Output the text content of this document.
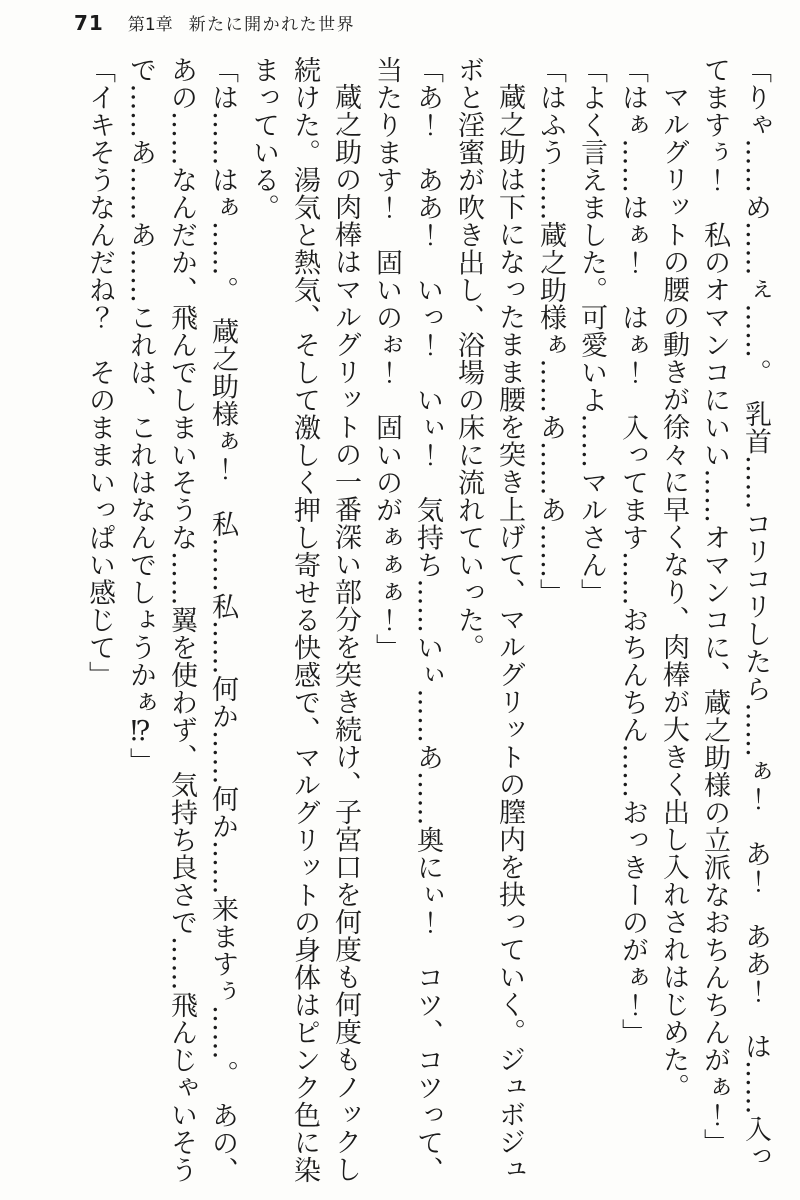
71 第1章 新たに開かれた世界

「りゃ……め……ぇ……。　乳首……コリコリしたら……ぁ！　あ！　ああ！　は……入ってますぅ！　私のオマンコにいい……オマンコに、蔵之助様の立派なおちんちんがぁ！」

マルグリットの腰の動きが徐々に早くなり、肉棒が大きく出し入れされはじめた。

「はぁ……はぁ！　はぁ！　入ってます……おちんちん……おっきーのがぁ！」

「よく言えました。可愛いよ……マルさん」

「はふう……蔵之助様ぁ……あ……あ……」

蔵之助は下になったまま腰を突き上げて、マルグリットの膣内を抉っていく。ジュボジュボと淫蜜が吹き出し、浴場の床に流れていった。

「あ！　ああ！　いっ！　いぃ！　気持ち……いぃ……あ……奥にぃ！　コツ、コツって、当たります！　固いのぉ！　固いのがぁぁぁ！」

蔵之助の肉棒はマルグリットの一番深い部分を突き続け、子宮口を何度も何度もノックし続けた。湯気と熱気、そして激しく押し寄せる快感で、マルグリットの身体はピンク色に染まっている。

「は……はぁ……。　蔵之助様ぁ！　私……私……何か……何か……来ますぅ……。　あの、あの……なんだか、飛んでしまいそうな……翼を使わず、気持ち良さで……飛んじゃいそうで……あ……あ……これは、これはなんでしょうかぁ⁉」

「イキそうなんだね？　そのままいっぱい感じて」
